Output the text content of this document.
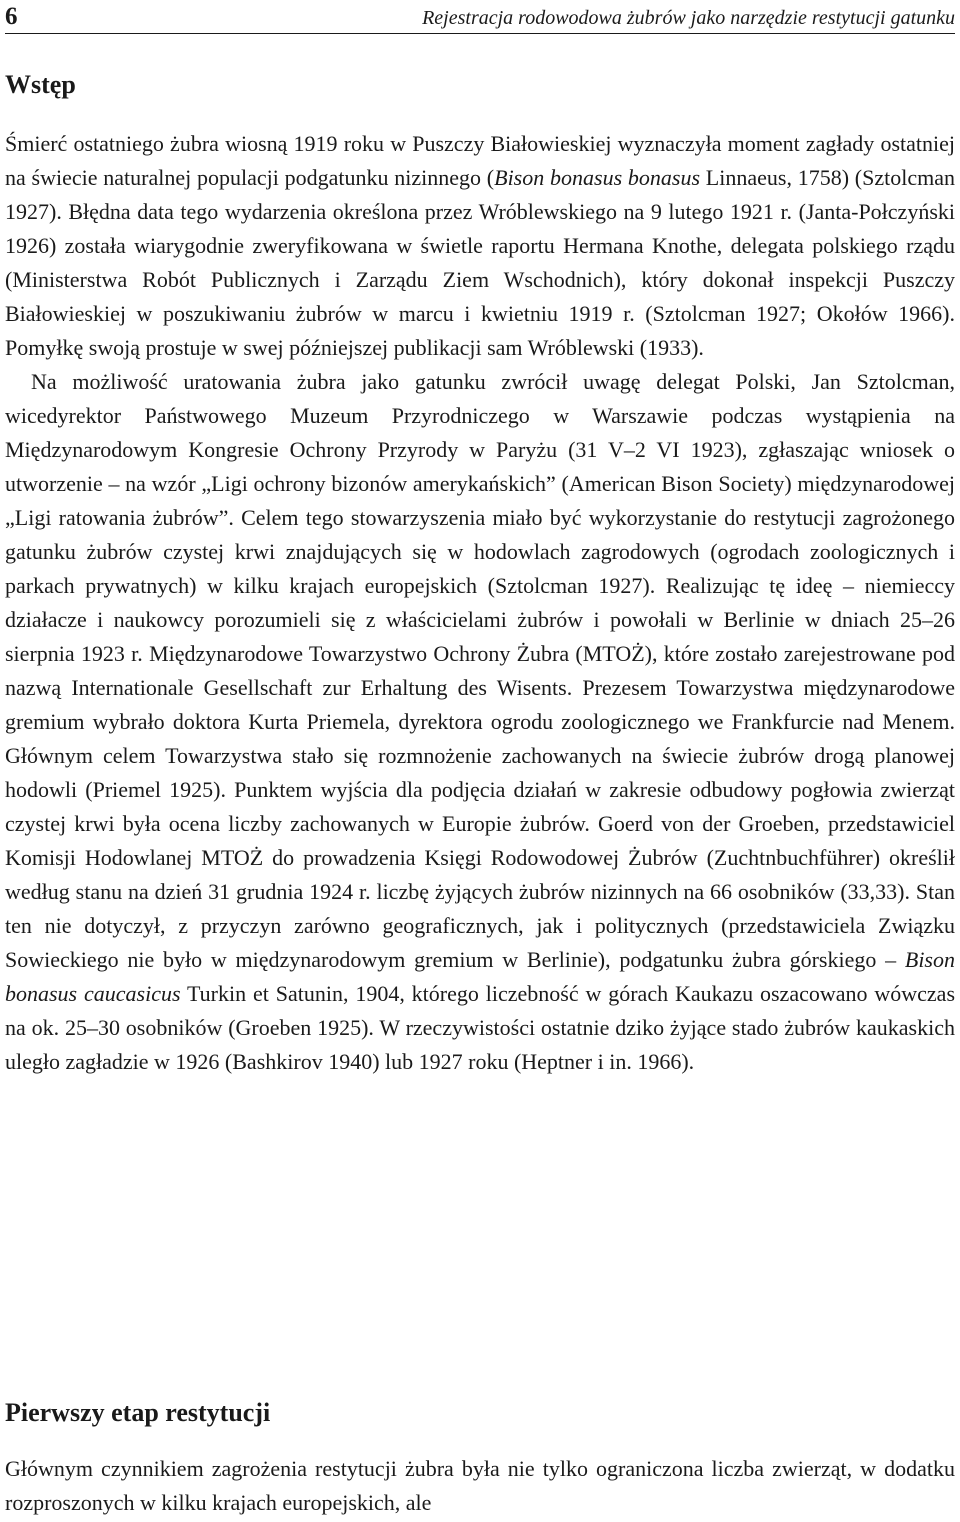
6	Rejestracja rodowodowa żubrów jako narzędzie restytucji gatunku
Wstęp

Śmierć ostatniego żubra wiosną 1919 roku w Puszczy Białowieskiej wyznaczyła moment zagłady ostatniej na świecie naturalnej populacji podgatunku nizinnego (Bison bonasus bonasus Linnaeus, 1758) (Sztolcman 1927). Błędna data tego wydarzenia określona przez Wróblewskiego na 9 lutego 1921 r. (Janta-Połczyński 1926) została wiarygodnie zweryfikowana w świetle raportu Hermana Knothe, delegata polskiego rządu (Ministerstwa Robót Publicznych i Zarządu Ziem Wschodnich), który dokonał inspekcji Puszczy Białowieskiej w poszukiwaniu żubrów w marcu i kwietniu 1919 r. (Sztolcman 1927; Okołów 1966). Pomyłkę swoją prostuje w swej późniejszej publikacji sam Wróblewski (1933).

Na możliwość uratowania żubra jako gatunku zwrócił uwagę delegat Polski, Jan Sztolcman, wicedyrektor Państwowego Muzeum Przyrodniczego w Warszawie podczas wystąpienia na Międzynarodowym Kongresie Ochrony Przyrody w Paryżu (31 V–2 VI 1923), zgłaszając wniosek o utworzenie – na wzór „Ligi ochrony bizonów amerykańskich” (American Bison Society) międzynarodowej „Ligi ratowania żubrów”. Celem tego stowarzyszenia miało być wykorzystanie do restytucji zagrożonego gatunku żubrów czystej krwi znajdujących się w hodowlach zagrodowych (ogrodach zoologicznych i parkach prywatnych) w kilku krajach europejskich (Sztolcman 1927). Realizując tę ideę – niemieccy działacze i naukowcy porozumieli się z właścicielami żubrów i powołali w Berlinie w dniach 25–26 sierpnia 1923 r. Międzynarodowe Towarzystwo Ochrony Żubra (MTOŻ), które zostało zarejestrowane pod nazwą Internationale Gesellschaft zur Erhaltung des Wisents. Prezesem Towarzystwa międzynarodowe gremium wybrało doktora Kurta Priemela, dyrektora ogrodu zoologicznego we Frankfurcie nad Menem. Głównym celem Towarzystwa stało się rozmnożenie zachowanych na świecie żubrów drogą planowej hodowli (Priemel 1925). Punktem wyjścia dla podjęcia działań w zakresie odbudowy pogłowia zwierząt czystej krwi była ocena liczby zachowanych w Europie żubrów. Goerd von der Groeben, przedstawiciel Komisji Hodowlanej MTOŻ do prowadzenia Księgi Rodowodowej Żubrów (Zuchtnbuchführer) określił według stanu na dzień 31 grudnia 1924 r. liczbę żyjących żubrów nizinnych na 66 osobników (33,33). Stan ten nie dotyczył, z przyczyn zarówno geograficznych, jak i politycznych (przedstawiciela Związku Sowieckiego nie było w międzynarodowym gremium w Berlinie), podgatunku żubra górskiego – Bison bonasus caucasicus Turkin et Satunin, 1904, którego liczebność w górach Kaukazu oszacowano wówczas na ok. 25–30 osobników (Groeben 1925). W rzeczywistości ostatnie dziko żyjące stado żubrów kaukaskich uległo zagładzie w 1926 (Bashkirov 1940) lub 1927 roku (Heptner i in. 1966).

Pierwszy etap restytucji

Głównym czynnikiem zagrożenia restytucji żubra była nie tylko ograniczona liczba zwierząt, w dodatku rozproszonych w kilku krajach europejskich, ale
